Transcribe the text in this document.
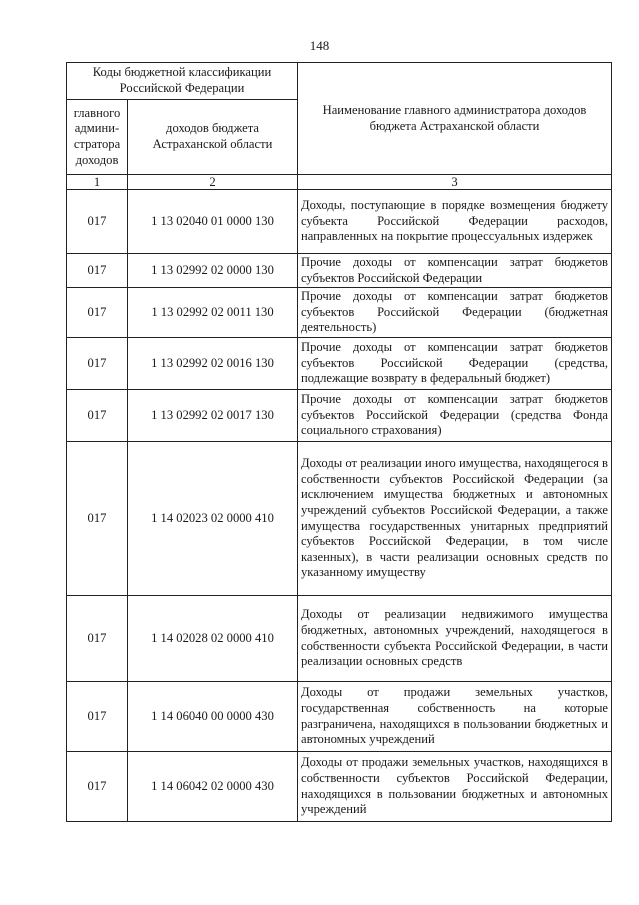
148
Коды бюджетной классификации Российской Федерации		Наименование главного администратора доходов бюджета Астраханской области
главного админи-стратора доходов	доходов бюджета Астраханской области	
1	2	3
017	1 13 02040 01 0000 130	Доходы, поступающие в порядке возмещения бюджету субъекта Российской Федерации расходов, направленных на покрытие процессуальных издержек
017	1 13 02992 02 0000 130	Прочие доходы от компенсации затрат бюджетов субъектов Российской Федерации
017	1 13 02992 02 0011 130	Прочие доходы от компенсации затрат бюджетов субъектов Российской Федерации (бюджетная деятельность)
017	1 13 02992 02 0016 130	Прочие доходы от компенсации затрат бюджетов субъектов Российской Федерации (средства, подлежащие возврату в федеральный бюджет)
017	1 13 02992 02 0017 130	Прочие доходы от компенсации затрат бюджетов субъектов Российской Федерации (средства Фонда социального страхования)
017	1 14 02023 02 0000 410	Доходы от реализации иного имущества, находящегося в собственности субъектов Российской Федерации (за исключением имущества бюджетных и автономных учреждений субъектов Российской Федерации, а также имущества государственных унитарных предприятий субъектов Российской Федерации, в том числе казенных), в части реализации основных средств по указанному имуществу
017	1 14 02028 02 0000 410	Доходы от реализации недвижимого имущества бюджетных, автономных учреждений, находящегося в собственности субъекта Российской Федерации, в части реализации основных средств
017	1 14 06040 00 0000 430	Доходы от продажи земельных участков, государственная собственность на которые разграничена, находящихся в пользовании бюджетных и автономных учреждений
017	1 14 06042 02 0000 430	Доходы от продажи земельных участков, находящихся в собственности субъектов Российской Федерации, находящихся в пользовании бюджетных и автономных учреждений
